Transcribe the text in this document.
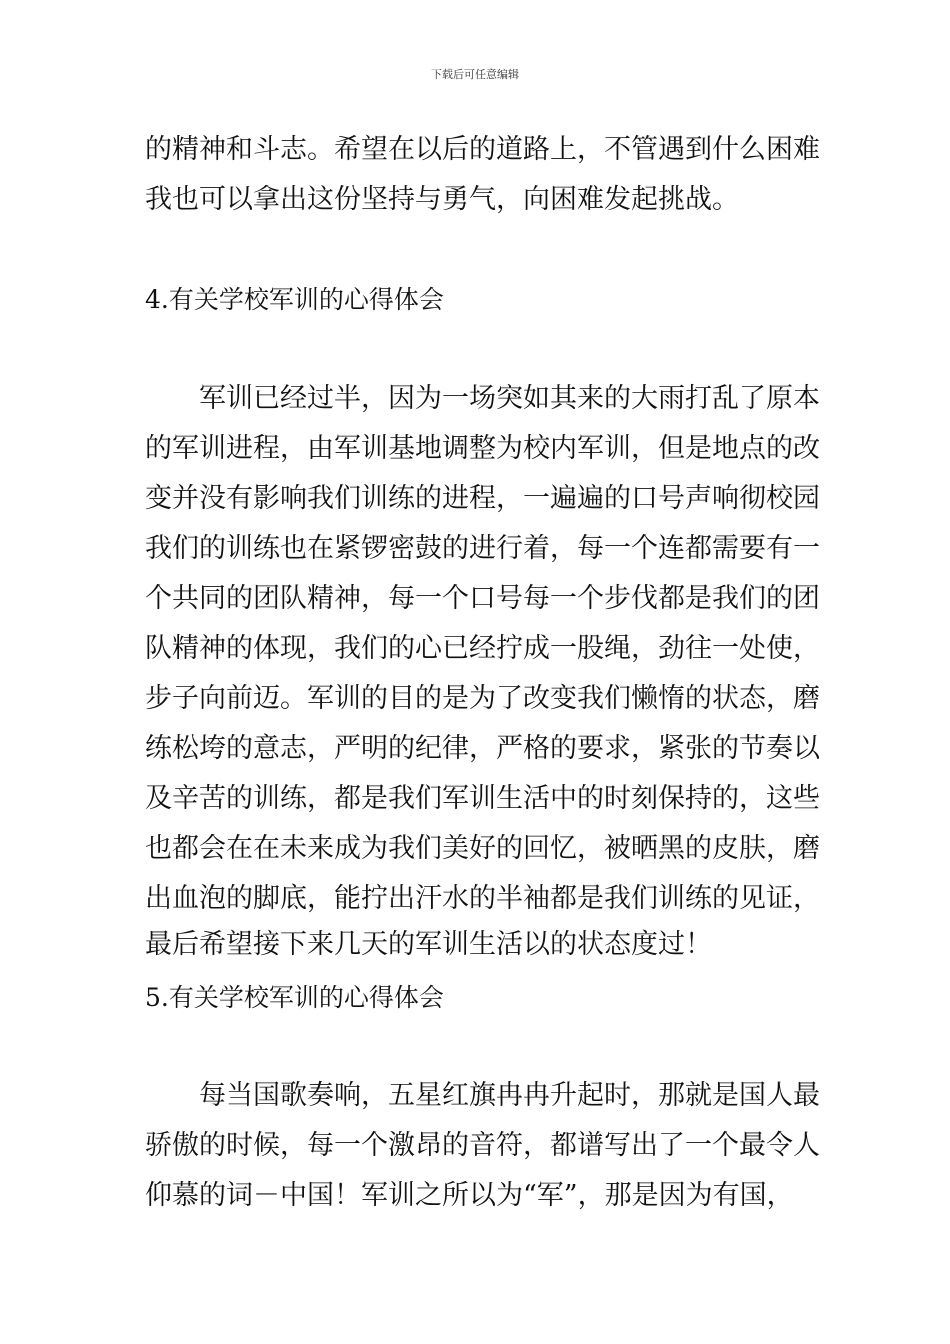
下载后可任意编辑
的精神和斗志。希望在以后的道路上，不管遇到什么困难
我也可以拿出这份坚持与勇气，向困难发起挑战。
4.有关学校军训的心得体会
　　军训已经过半，因为一场突如其来的大雨打乱了原本
的军训进程，由军训基地调整为校内军训，但是地点的改
变并没有影响我们训练的进程，一遍遍的口号声响彻校园
我们的训练也在紧锣密鼓的进行着，每一个连都需要有一
个共同的团队精神，每一个口号每一个步伐都是我们的团
队精神的体现，我们的心已经拧成一股绳，劲往一处使，
步子向前迈。军训的目的是为了改变我们懒惰的状态，磨
练松垮的意志，严明的纪律，严格的要求，紧张的节奏以
及辛苦的训练，都是我们军训生活中的时刻保持的，这些
也都会在在未来成为我们美好的回忆，被晒黑的皮肤，磨
出血泡的脚底，能拧出汗水的半袖都是我们训练的见证，
最后希望接下来几天的军训生活以的状态度过！
5.有关学校军训的心得体会
　　每当国歌奏响，五星红旗冉冉升起时，那就是国人最
骄傲的时候，每一个激昂的音符，都谱写出了一个最令人
仰慕的词－中国！军训之所以为“军”，那是因为有国，
